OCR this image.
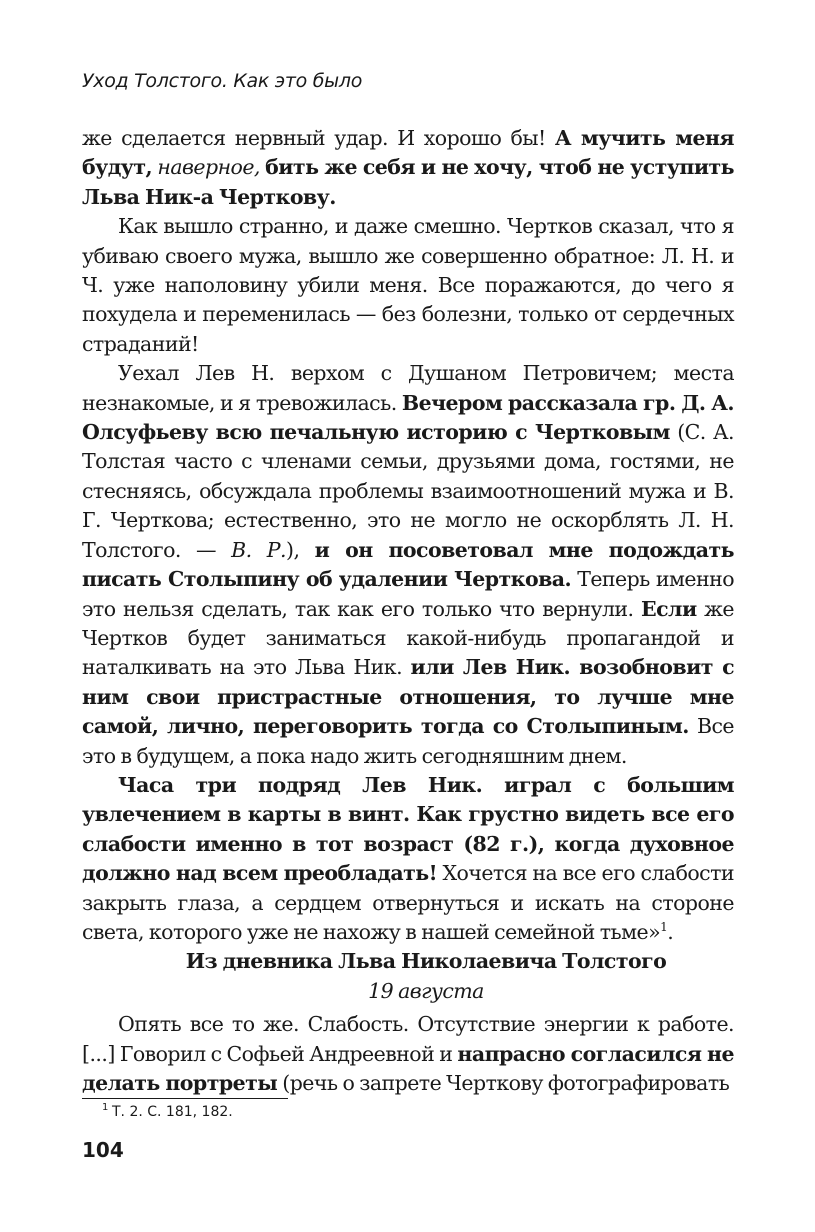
Уход Толстого. Как это было

же сделается нервный удар. И хорошо бы! А мучить меня будут, наверное, бить же себя и не хочу, чтоб не уступить Льва Ник-а Черткову.

Как вышло странно, и даже смешно. Чертков сказал, что я убиваю своего мужа, вышло же совершенно обратное: Л. Н. и Ч. уже наполовину убили меня. Все поражаются, до чего я похудела и переменилась — без болезни, только от сердечных страданий!

Уехал Лев Н. верхом с Душаном Петровичем; места незнакомые, и я тревожилась. Вечером рассказала гр. Д. А. Олсуфьеву всю печальную историю с Чертковым (С. А. Толстая часто с членами семьи, друзьями дома, гостями, не стесняясь, обсуждала проблемы взаимоотношений мужа и В. Г. Черткова; естественно, это не могло не оскорблять Л. Н. Толстого. — В. Р.), и он посоветовал мне подождать писать Столыпину об удалении Черткова. Теперь именно это нельзя сделать, так как его только что вернули. Если же Чертков будет заниматься какой-нибудь пропагандой и наталкивать на это Льва Ник. или Лев Ник. возобновит с ним свои пристрастные отношения, то лучше мне самой, лично, переговорить тогда со Столыпиным. Все это в будущем, а пока надо жить сегодняшним днем.

Часа три подряд Лев Ник. играл с большим увлечением в карты в винт. Как грустно видеть все его слабости именно в тот возраст (82 г.), когда духовное должно над всем преобладать! Хочется на все его слабости закрыть глаза, а сердцем отвернуться и искать на стороне света, которого уже не нахожу в нашей семейной тьме»$^1$.

Из дневника Льва Николаевича Толстого
19 августа

Опять все то же. Слабость. Отсутствие энергии к работе. [...] Говорил с Софьей Андреевной и напрасно согласился не делать портреты (речь о запрете Черткову фотографировать

1 Т. 2. С. 181, 182.
104
